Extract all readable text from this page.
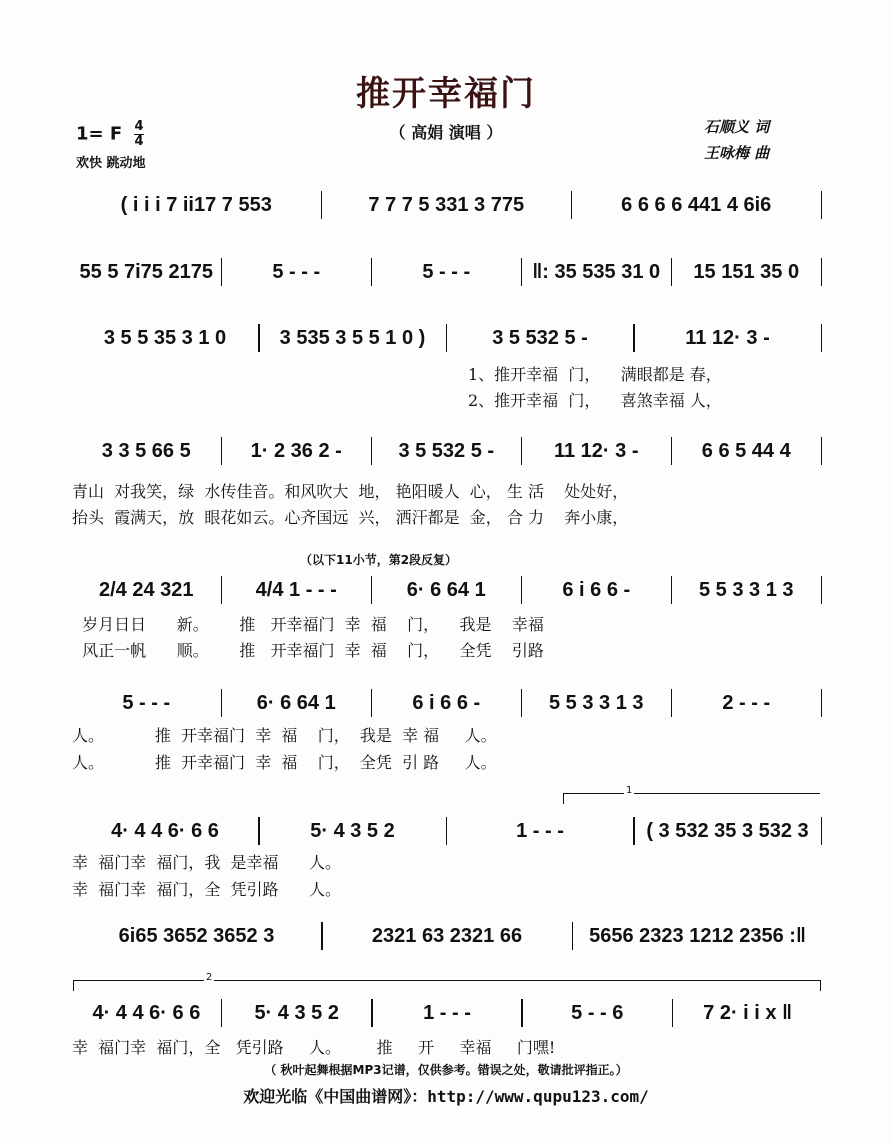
推开幸福门
（ 高娟 演唱 ）
1= F $\frac{4}{4}$
欢快 跳动地
石顺义 词
王咏梅 曲
( i i i 7 ii17 7 553	7 7 7 5 331 3 775	6 6 6 6 441 4 6i6
55 5 7i75 2175	5 - - -	5 - - -	‖: 35 535 31 0	15 151 35 0
3 5 5 35 3 1 0	3 535 3 5 5 1 0 )	3 5 532 5 -	11 12· 3 -
3 3 5 66 5	1· 2 36 2 -	3 5 532 5 -	11 12· 3 -	6 6 5 44 4
2/4 24 321	4/4 1 - - -	6· 6 64 1	6 i 6 6 -	5 5 3 3 1 3
5 - - -	6· 6 64 1	6 i 6 6 -	5 5 3 3 1 3	2 - - -
4· 4 4 6· 6 6	5· 4 3 5 2	1 - - -	( 3 532 35 3 532 3
6i65 3652 3652 3	2321 63 2321 66	5656 2323 1212 2356 :‖
4· 4 4 6· 6 6	5· 4 3 5 2	1 - - -	5 - - 6	7 2· i i x ‖
1、推开幸福  门，    满眼都是 春，
2、推开幸福  门，    喜煞幸福 人，
青山  对我笑，绿  水传佳音。和风吹大  地， 艳阳暖人  心， 生 活    处处好，
抬头  霞满天，放  眼花如云。心齐国远  兴， 洒汗都是  金， 合 力    奔小康，
（以下11小节，第2段反复）
岁月日日      新。      推   开幸福门  幸  福    门，    我是    幸福
风正一帆      顺。      推   开幸福门  幸  福    门，    全凭    引路
人。          推  开幸福门  幸  福    门，  我是  幸 福     人。
人。          推  开幸福门  幸  福    门，  全凭  引 路     人。
1
幸  福门幸  福门，我  是幸福      人。
幸  福门幸  福门，全  凭引路      人。
2
幸  福门幸  福门，全   凭引路     人。       推     开     幸福     门嘿!
（ 秋叶起舞根据MP3记谱，仅供参考。错误之处，敬请批评指正。）
欢迎光临《中国曲谱网》：http://www.qupu123.com/
